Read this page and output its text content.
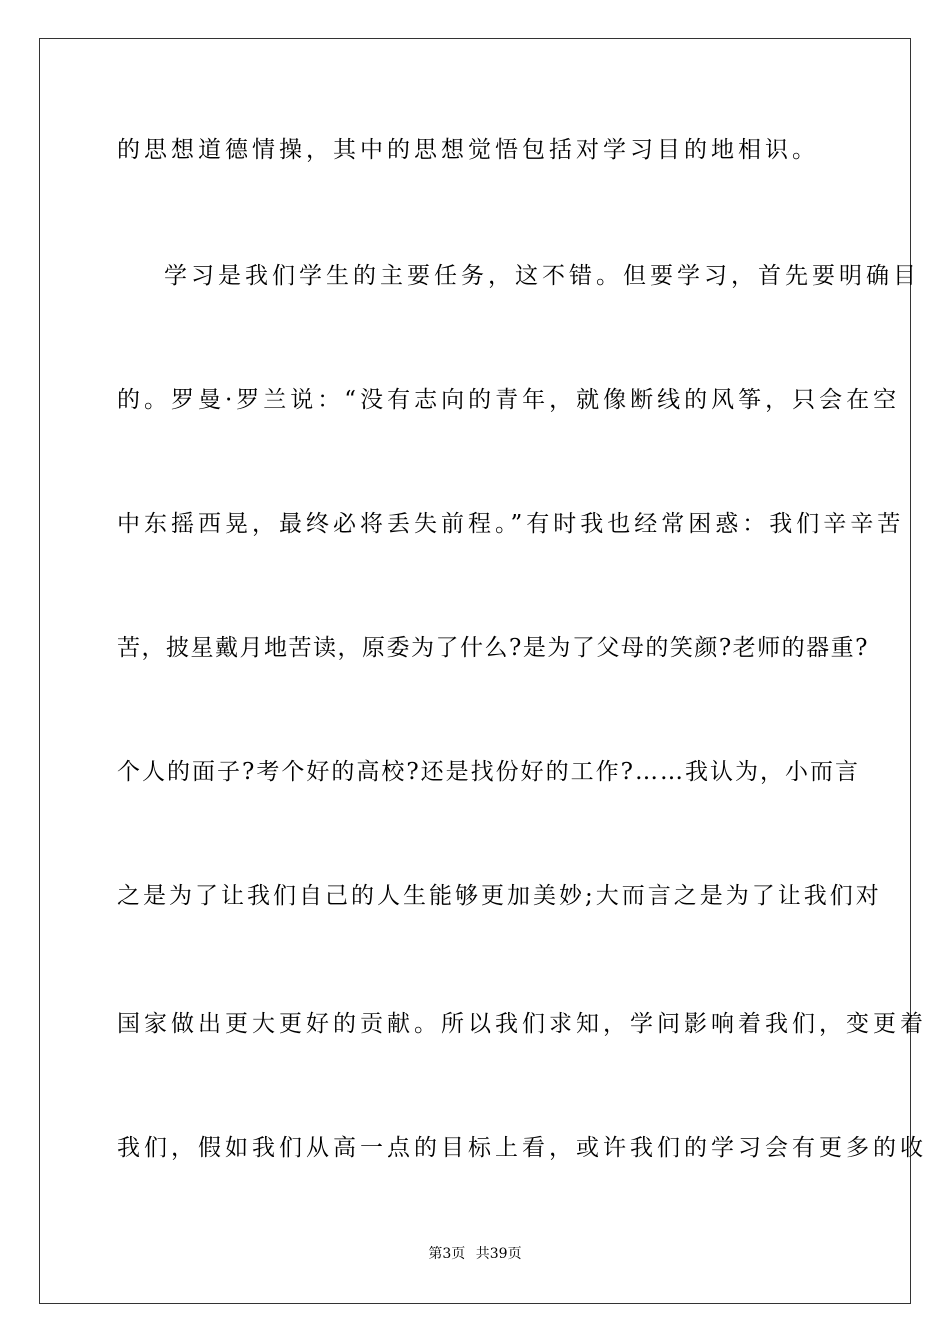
的思想道德情操，其中的思想觉悟包括对学习目的地相识。
学习是我们学生的主要任务，这不错。但要学习，首先要明确目
的。罗曼·罗兰说：“没有志向的青年，就像断线的风筝，只会在空
中东摇西晃，最终必将丢失前程。”有时我也经常困惑：我们辛辛苦
苦，披星戴月地苦读，原委为了什么?是为了父母的笑颜?老师的器重?
个人的面子?考个好的高校?还是找份好的工作?……我认为，小而言
之是为了让我们自己的人生能够更加美妙;大而言之是为了让我们对
国家做出更大更好的贡献。所以我们求知，学问影响着我们，变更着
我们，假如我们从高一点的目标上看，或许我们的学习会有更多的收
第3页 共39页
